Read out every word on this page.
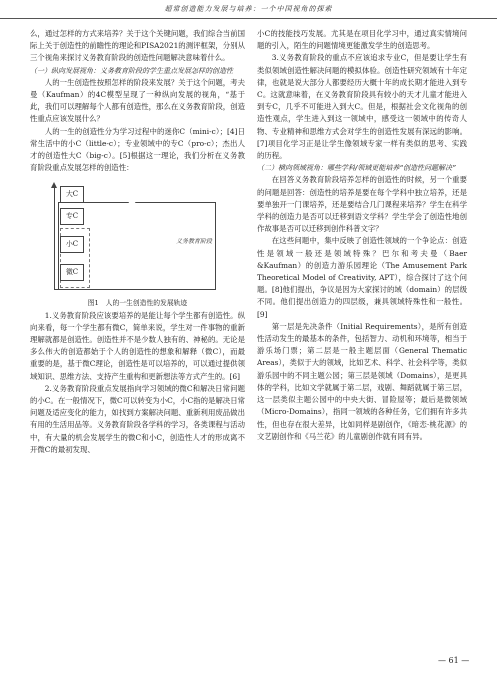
超常创造能力发展与培养：一个中国视角的探索

么，通过怎样的方式来培养？关于这个关键问题，我们综合当前国际上关于创造性的前瞻性的理论和PISA2021的测评框架，分别从三个视角来探讨义务教育阶段的创造性问题解决意味着什么。

（一）纵向发展视角：义务教育阶段的学生重点发展怎样的创造性

人的一生创造性按照怎样的阶段来发展？关于这个问题，考夫曼（Kaufman）的4C模型呈现了一种纵向发展的视角，“基于此，我们可以理解每个人都有创造性，那么在义务教育阶段，创造性重点应该发展什么？

人的一生的创造性分为学习过程中的迷你C（mini-c）；[4]日常生活中的小C（little-c）；专业领域中的专C（pro-c）；杰出人才的创造性大C（big-c）。[5]根据这一理论，我们分析在义务教育阶段重点发展怎样的创造性：

大C
专C
小C
微C
义务教育阶段

图1　人的一生创造性的发展轨迹

1.义务教育阶段应该要培养的是能让每个学生都有创造性。纵向来看，每一个学生都有微C，简单来说，学生对一件事物的重新理解就都是创造性。创造性并不是少数人独有的、神秘的。无论是多么伟大的创造都始于个人的创造性的想象和解释（微C），而最重要的是，基于微C理论，创造性是可以培养的，可以通过提供领域知识、思维方法、支持产生重构和更新想法等方式产生的。[6]

2.义务教育阶段重点发展指向学习领域的微C和解决日常问题的小C。在一般情况下，微C可以转变为小C，小C指的是解决日常问题及适应变化的能力，如找到方案解决问题、重新利用废品做出有用的生活用品等。义务教育阶段各学科的学习，各类课程与活动中，有大量的机会发展学生的微C和小C，创造性人才的形成离不开微C的最初发现、

小C的技能技巧发展。尤其是在项目化学习中，通过真实情境问题的引入，陌生的问题情境更能激发学生的创造思考。

3.义务教育阶段的重点不应该追求专业C，但是要让学生有类似领域创造性解决问题的模拟体验。创造性研究领域有十年定律，也就是说大部分人都要经历大概十年的成长期才能进入到专C。这就意味着，在义务教育阶段具有较小的天才儿童才能进入到专C，几乎不可能进入到大C。但是，根据社会文化视角的创造性观点，学生进入到这一领域中，感受这一领域中的传奇人物、专业精神和思维方式会对学生的创造性发展有深远的影响。[7]项目化学习正是让学生像领域专家一样有类似的思考、实践的历程。

（二）横向领域视角：哪些学科/领域更能培养“创造性问题解决”

在回答义务教育阶段培养怎样的创造性的时候，另一个重要的问题是回答：创造性的培养是要在每个学科中独立培养，还是要单独开一门课培养，还是要结合几门课程来培养？学生在科学学科的创造力是否可以迁移到语文学科？学生学会了创造性地创作故事是否可以迁移到创作科普文字？

在这些问题中，集中反映了创造性领域的一个争论点：创造性是领域一般还是领域特殊？巴尔和考夫曼（Baer &Kaufman）的创造力游乐园理论（The Amusement Park Theoretical Model of Creativity, APT），综合探讨了这个问题。[8]他们提出，争议是因为大家探讨的域（domain）的层级不同。他们提出创造力的四层级，兼具领域特殊性和一般性。[9]

第一层是先决条件（Initial Requirements），是所有创造性活动发生的最基本的条件，包括智力、动机和环境等，相当于游乐场门票；第二层是一般主题层面（General Thematic Areas），类似于大的领域，比如艺术、科学、社会科学等，类似游乐园中的不同主题公园；第三层是领域（Domains），是更具体的学科，比如文学就属于第二层，戏剧、舞蹈就属于第三层，这一层类似主题公园中的中央大街、冒险屋等；最后是微领域（Micro-Domains），指同一领域的各种任务，它们拥有许多共性，但也存在很大差异，比如同样是剧创作，《暗恋·桃花源》的文艺剧创作和《马兰花》的儿童剧创作就有同有异。

— 61 —
